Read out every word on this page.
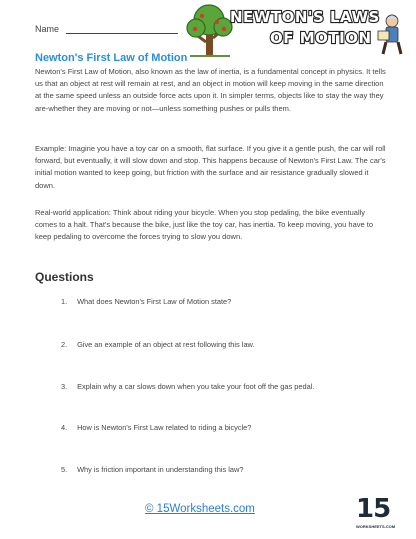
Name
NEWTON'S LAWS
OF MOTION
Newton's First Law of Motion

Newton's First Law of Motion, also known as the law of inertia, is a fundamental concept in physics. It tells us that an object at rest will remain at rest, and an object in motion will keep moving in the same direction at the same speed unless an outside force acts upon it. In simpler terms, objects like to stay the way they are-whether they are moving or not—unless something pushes or pulls them.

Example: Imagine you have a toy car on a smooth, flat surface. If you give it a gentle push, the car will roll forward, but eventually, it will slow down and stop. This happens because of Newton's First Law. The car's initial motion wanted to keep going, but friction with the surface and air resistance gradually slowed it down.

Real-world application: Think about riding your bicycle. When you stop pedaling, the bike eventually comes to a halt. That's because the bike, just like the toy car, has inertia. To keep moving, you have to keep pedaling to overcome the forces trying to slow you down.

Questions
1. What does Newton's First Law of Motion state?
2. Give an example of an object at rest following this law.
3. Explain why a car slows down when you take your foot off the gas pedal.
4. How is Newton's First Law related to riding a bicycle?
5. Why is friction important in understanding this law?
© 15Worksheets.com	15
WORKSHEETS.COM
